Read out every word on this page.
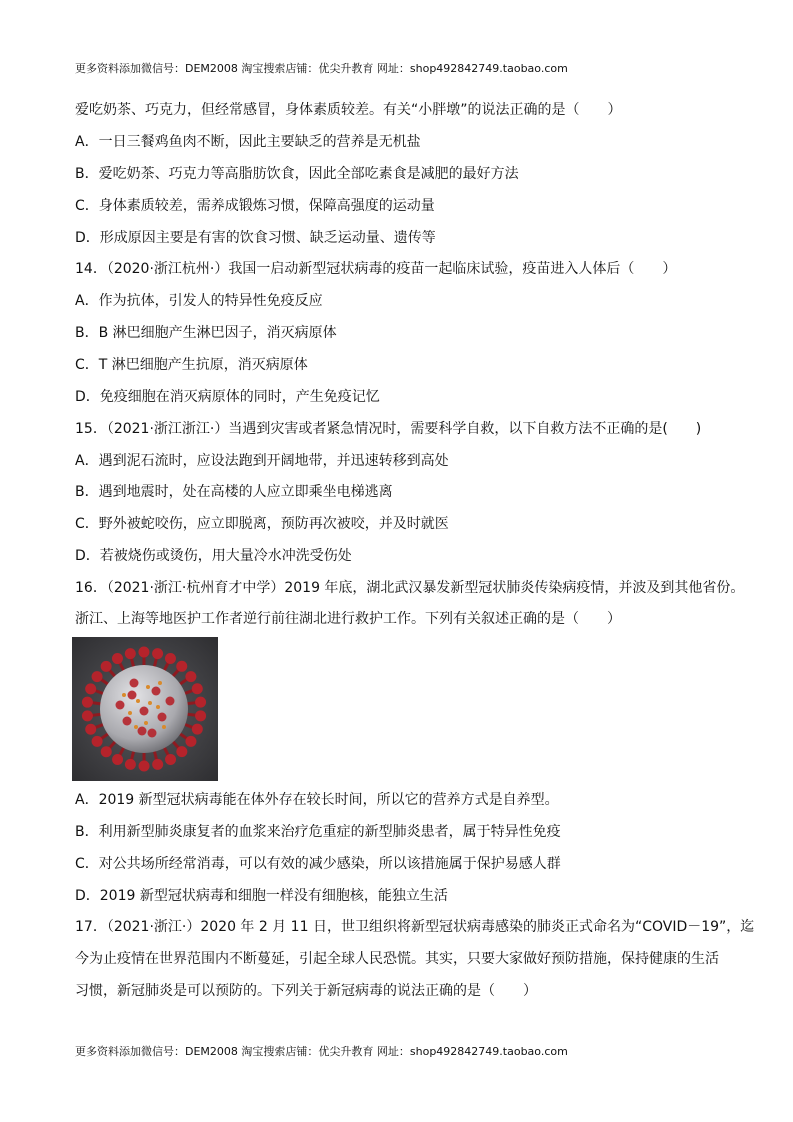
更多资料添加微信号：DEM2008 淘宝搜索店铺：优尖升教育 网址：shop492842749.taobao.com
爱吃奶茶、巧克力，但经常感冒，身体素质较差。有关“小胖墩”的说法正确的是（　　）
A．一日三餐鸡鱼肉不断，因此主要缺乏的营养是无机盐
B．爱吃奶茶、巧克力等高脂肪饮食，因此全部吃素食是减肥的最好方法
C．身体素质较差，需养成锻炼习惯，保障高强度的运动量
D．形成原因主要是有害的饮食习惯、缺乏运动量、遗传等
14．（2020·浙江杭州·）我国一启动新型冠状病毒的疫苗一起临床试验，疫苗进入人体后（　　）
A．作为抗体，引发人的特异性免疫反应
B．B 淋巴细胞产生淋巴因子，消灭病原体
C．T 淋巴细胞产生抗原，消灭病原体
D．免疫细胞在消灭病原体的同时，产生免疫记忆
15．（2021·浙江浙江·）当遇到灾害或者紧急情况时，需要科学自救，以下自救方法不正确的是(　　)
A．遇到泥石流时，应设法跑到开阔地带，并迅速转移到高处
B．遇到地震时，处在高楼的人应立即乘坐电梯逃离
C．野外被蛇咬伤，应立即脱离，预防再次被咬，并及时就医
D．若被烧伤或烫伤，用大量冷水冲洗受伤处
16．（2021·浙江·杭州育才中学）2019 年底，湖北武汉暴发新型冠状肺炎传染病疫情，并波及到其他省份。
浙江、上海等地医护工作者逆行前往湖北进行救护工作。下列有关叙述正确的是（　　）
A．2019 新型冠状病毒能在体外存在较长时间，所以它的营养方式是自养型。
B．利用新型肺炎康复者的血浆来治疗危重症的新型肺炎患者，属于特异性免疫
C．对公共场所经常消毒，可以有效的减少感染，所以该措施属于保护易感人群
D．2019 新型冠状病毒和细胞一样没有细胞核，能独立生活
17．（2021·浙江·）2020 年 2 月 11 日，世卫组织将新型冠状病毒感染的肺炎正式命名为“COVID－19”，迄
今为止疫情在世界范围内不断蔓延，引起全球人民恐慌。其实，只要大家做好预防措施，保持健康的生活
习惯，新冠肺炎是可以预防的。下列关于新冠病毒的说法正确的是（　　）
更多资料添加微信号：DEM2008 淘宝搜索店铺：优尖升教育 网址：shop492842749.taobao.com
